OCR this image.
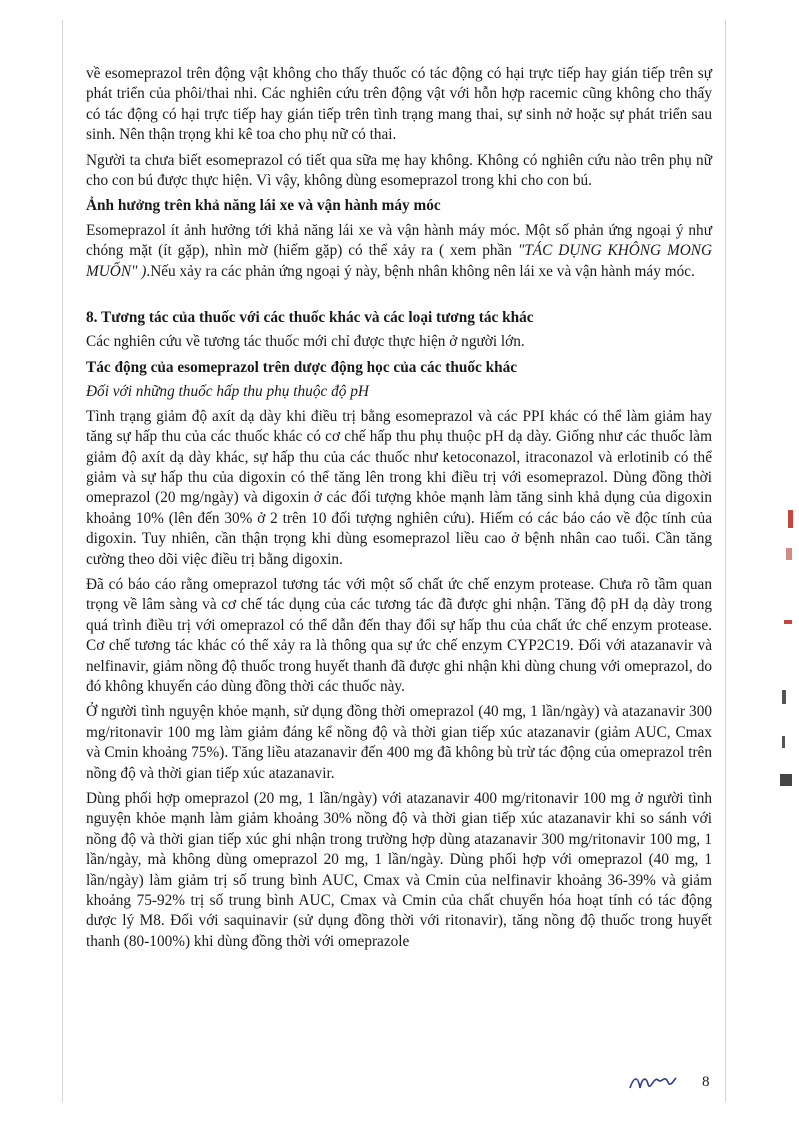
về esomeprazol trên động vật không cho thấy thuốc có tác động có hại trực tiếp hay gián tiếp trên sự phát triển của phôi/thai nhi. Các nghiên cứu trên động vật với hỗn hợp racemic cũng không cho thấy có tác động có hại trực tiếp hay gián tiếp trên tình trạng mang thai, sự sinh nở hoặc sự phát triển sau sinh. Nên thận trọng khi kê toa cho phụ nữ có thai.

Người ta chưa biết esomeprazol có tiết qua sữa mẹ hay không. Không có nghiên cứu nào trên phụ nữ cho con bú được thực hiện. Vì vậy, không dùng esomeprazol trong khi cho con bú.

Ảnh hưởng trên khả năng lái xe và vận hành máy móc

Esomeprazol ít ảnh hưởng tới khả năng lái xe và vận hành máy móc. Một số phản ứng ngoại ý như chóng mặt (ít gặp), nhìn mờ (hiếm gặp) có thể xảy ra ( xem phần "TÁC DỤNG KHÔNG MONG MUỐN" ).Nếu xảy ra các phản ứng ngoại ý này, bệnh nhân không nên lái xe và vận hành máy móc.

8. Tương tác của thuốc với các thuốc khác và các loại tương tác khác

Các nghiên cứu về tương tác thuốc mới chỉ được thực hiện ở người lớn.

Tác động của esomeprazol trên dược động học của các thuốc khác
Đối với những thuốc hấp thu phụ thuộc độ pH

Tình trạng giảm độ axít dạ dày khi điều trị bằng esomeprazol và các PPI khác có thể làm giảm hay tăng sự hấp thu của các thuốc khác có cơ chế hấp thu phụ thuộc pH dạ dày. Giống như các thuốc làm giảm độ axít dạ dày khác, sự hấp thu của các thuốc như ketoconazol, itraconazol và erlotinib có thể giảm và sự hấp thu của digoxin có thể tăng lên trong khi điều trị với esomeprazol. Dùng đồng thời omeprazol (20 mg/ngày) và digoxin ở các đối tượng khỏe mạnh làm tăng sinh khả dụng của digoxin khoảng 10% (lên đến 30% ở 2 trên 10 đối tượng nghiên cứu). Hiếm có các báo cáo về độc tính của digoxin. Tuy nhiên, cần thận trọng khi dùng esomeprazol liều cao ở bệnh nhân cao tuổi. Cần tăng cường theo dõi việc điều trị bằng digoxin.

Đã có báo cáo rằng omeprazol tương tác với một số chất ức chế enzym protease. Chưa rõ tầm quan trọng về lâm sàng và cơ chế tác dụng của các tương tác đã được ghi nhận. Tăng độ pH dạ dày trong quá trình điều trị với omeprazol có thể dẫn đến thay đổi sự hấp thu của chất ức chế enzym protease. Cơ chế tương tác khác có thể xảy ra là thông qua sự ức chế enzym CYP2C19. Đối với atazanavir và nelfinavir, giảm nồng độ thuốc trong huyết thanh đã được ghi nhận khi dùng chung với omeprazol, do đó không khuyến cáo dùng đồng thời các thuốc này.

Ở người tình nguyện khỏe mạnh, sử dụng đồng thời omeprazol (40 mg, 1 lần/ngày) và atazanavir 300 mg/ritonavir 100 mg làm giảm đáng kể nồng độ và thời gian tiếp xúc atazanavir (giảm AUC, Cmax và Cmin khoảng 75%). Tăng liều atazanavir đến 400 mg đã không bù trừ tác động của omeprazol trên nồng độ và thời gian tiếp xúc atazanavir.

Dùng phối hợp omeprazol (20 mg, 1 lần/ngày) với atazanavir 400 mg/ritonavir 100 mg ở người tình nguyện khỏe mạnh làm giảm khoảng 30% nồng độ và thời gian tiếp xúc atazanavir khi so sánh với nồng độ và thời gian tiếp xúc ghi nhận trong trường hợp dùng atazanavir 300 mg/ritonavir 100 mg, 1 lần/ngày, mà không dùng omeprazol 20 mg, 1 lần/ngày. Dùng phối hợp với omeprazol (40 mg, 1 lần/ngày) làm giảm trị số trung bình AUC, Cmax và Cmin của nelfinavir khoảng 36-39% và giảm khoảng 75-92% trị số trung bình AUC, Cmax và Cmin của chất chuyển hóa hoạt tính có tác động dược lý M8. Đối với saquinavir (sử dụng đồng thời với ritonavir), tăng nồng độ thuốc trong huyết thanh (80-100%) khi dùng đồng thời với omeprazole

8
